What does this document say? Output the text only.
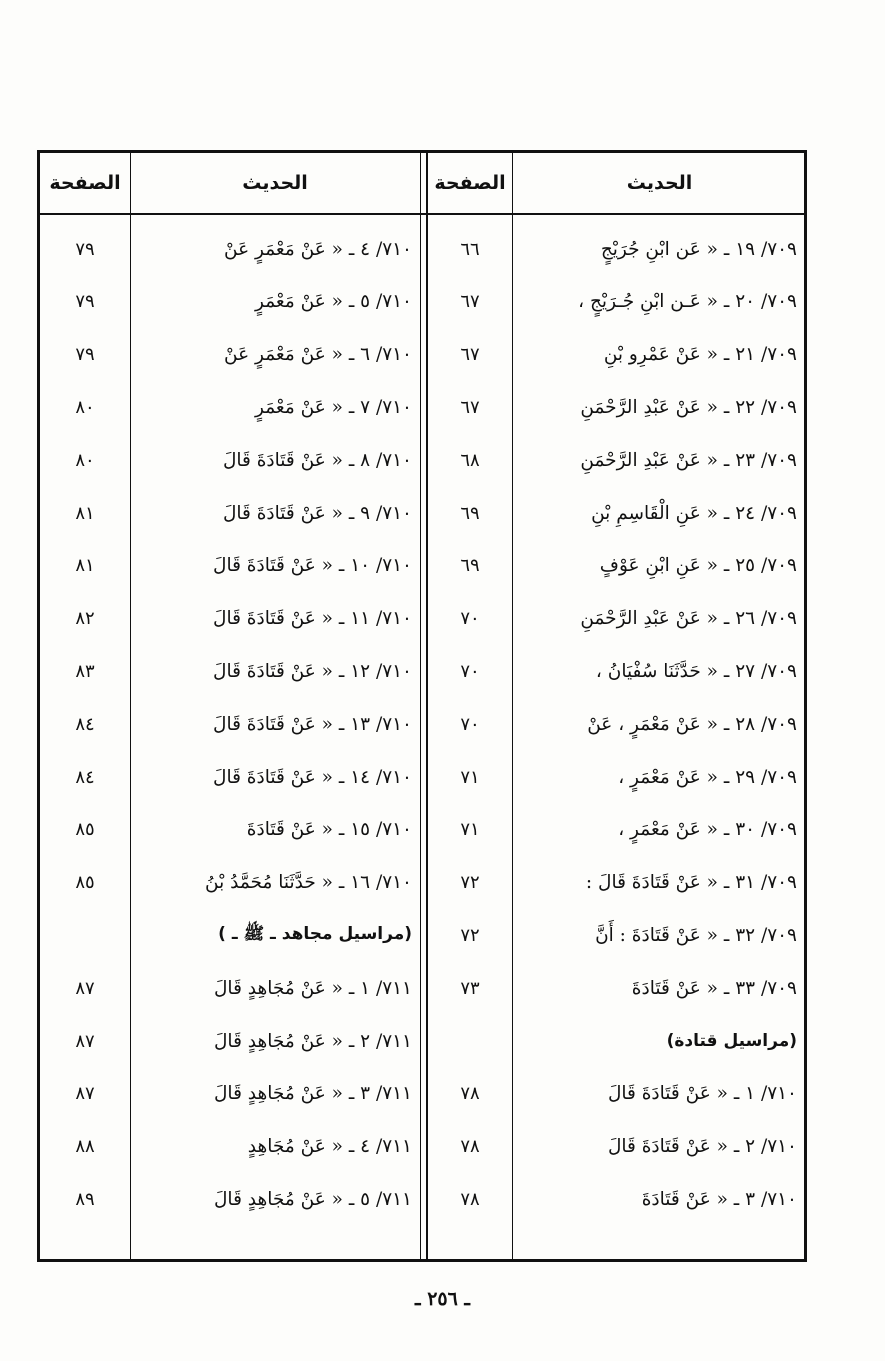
الحديث
الصفحة
الحديث
الصفحة
٧٠٩/ ١٩ ـ « عَن ابْنِ جُرَيْجٍ
٦٦
٧٠٩/ ٢٠ ـ « عَـن ابْنِ جُـرَيْجٍ ،
٦٧
٧٠٩/ ٢١ ـ « عَنْ عَمْرِو بْنِ
٦٧
٧٠٩/ ٢٢ ـ « عَنْ عَبْدِ الرَّحْمَنِ
٦٧
٧٠٩/ ٢٣ ـ « عَنْ عَبْدِ الرَّحْمَنِ
٦٨
٧٠٩/ ٢٤ ـ « عَنِ الْقَاسِمِ بْنِ
٦٩
٧٠٩/ ٢٥ ـ « عَنِ ابْنِ عَوْفٍ
٦٩
٧٠٩/ ٢٦ ـ « عَنْ عَبْدِ الرَّحْمَنِ
٧٠
٧٠٩/ ٢٧ ـ « حَدَّثَنَا سُفْيَانُ ،
٧٠
٧٠٩/ ٢٨ ـ « عَنْ مَعْمَرٍ ، عَنْ
٧٠
٧٠٩/ ٢٩ ـ « عَنْ مَعْمَرٍ ،
٧١
٧٠٩/ ٣٠ ـ « عَنْ مَعْمَرٍ ،
٧١
٧٠٩/ ٣١ ـ « عَنْ قَتَادَةَ قَالَ :
٧٢
٧٠٩/ ٣٢ ـ « عَنْ قَتَادَةَ : أَنَّ
٧٢
٧٠٩/ ٣٣ ـ « عَنْ قَتَادَةَ
٧٣
(مراسيل قتادة)
٧١٠/ ١ ـ « عَنْ قَتَادَةَ قَالَ
٧٨
٧١٠/ ٢ ـ « عَنْ قَتَادَةَ قَالَ
٧٨
٧١٠/ ٣ ـ « عَنْ قَتَادَةَ
٧٨
٧١٠/ ٤ ـ « عَنْ مَعْمَرٍ عَنْ
٧٩
٧١٠/ ٥ ـ « عَنْ مَعْمَرٍ
٧٩
٧١٠/ ٦ ـ « عَنْ مَعْمَرٍ عَنْ
٧٩
٧١٠/ ٧ ـ « عَنْ مَعْمَرٍ
٨٠
٧١٠/ ٨ ـ « عَنْ قَتَادَةَ قَالَ
٨٠
٧١٠/ ٩ ـ « عَنْ قَتَادَةَ قَالَ
٨١
٧١٠/ ١٠ ـ « عَنْ قَتَادَةَ قَالَ
٨١
٧١٠/ ١١ ـ « عَنْ قَتَادَةَ قَالَ
٨٢
٧١٠/ ١٢ ـ « عَنْ قَتَادَةَ قَالَ
٨٣
٧١٠/ ١٣ ـ « عَنْ قَتَادَةَ قَالَ
٨٤
٧١٠/ ١٤ ـ « عَنْ قَتَادَةَ قَالَ
٨٤
٧١٠/ ١٥ ـ « عَنْ قَتَادَةَ
٨٥
٧١٠/ ١٦ ـ « حَدَّثَنَا مُحَمَّدُ بْنُ
٨٥
(مراسيل مجاهد ـ ﷺ ـ )
٧١١/ ١ ـ « عَنْ مُجَاهِدٍ قَالَ
٨٧
٧١١/ ٢ ـ « عَنْ مُجَاهِدٍ قَالَ
٨٧
٧١١/ ٣ ـ « عَنْ مُجَاهِدٍ قَالَ
٨٧
٧١١/ ٤ ـ « عَنْ مُجَاهِدٍ
٨٨
٧١١/ ٥ ـ « عَنْ مُجَاهِدٍ قَالَ
٨٩
ـ ٢٥٦ ـ
